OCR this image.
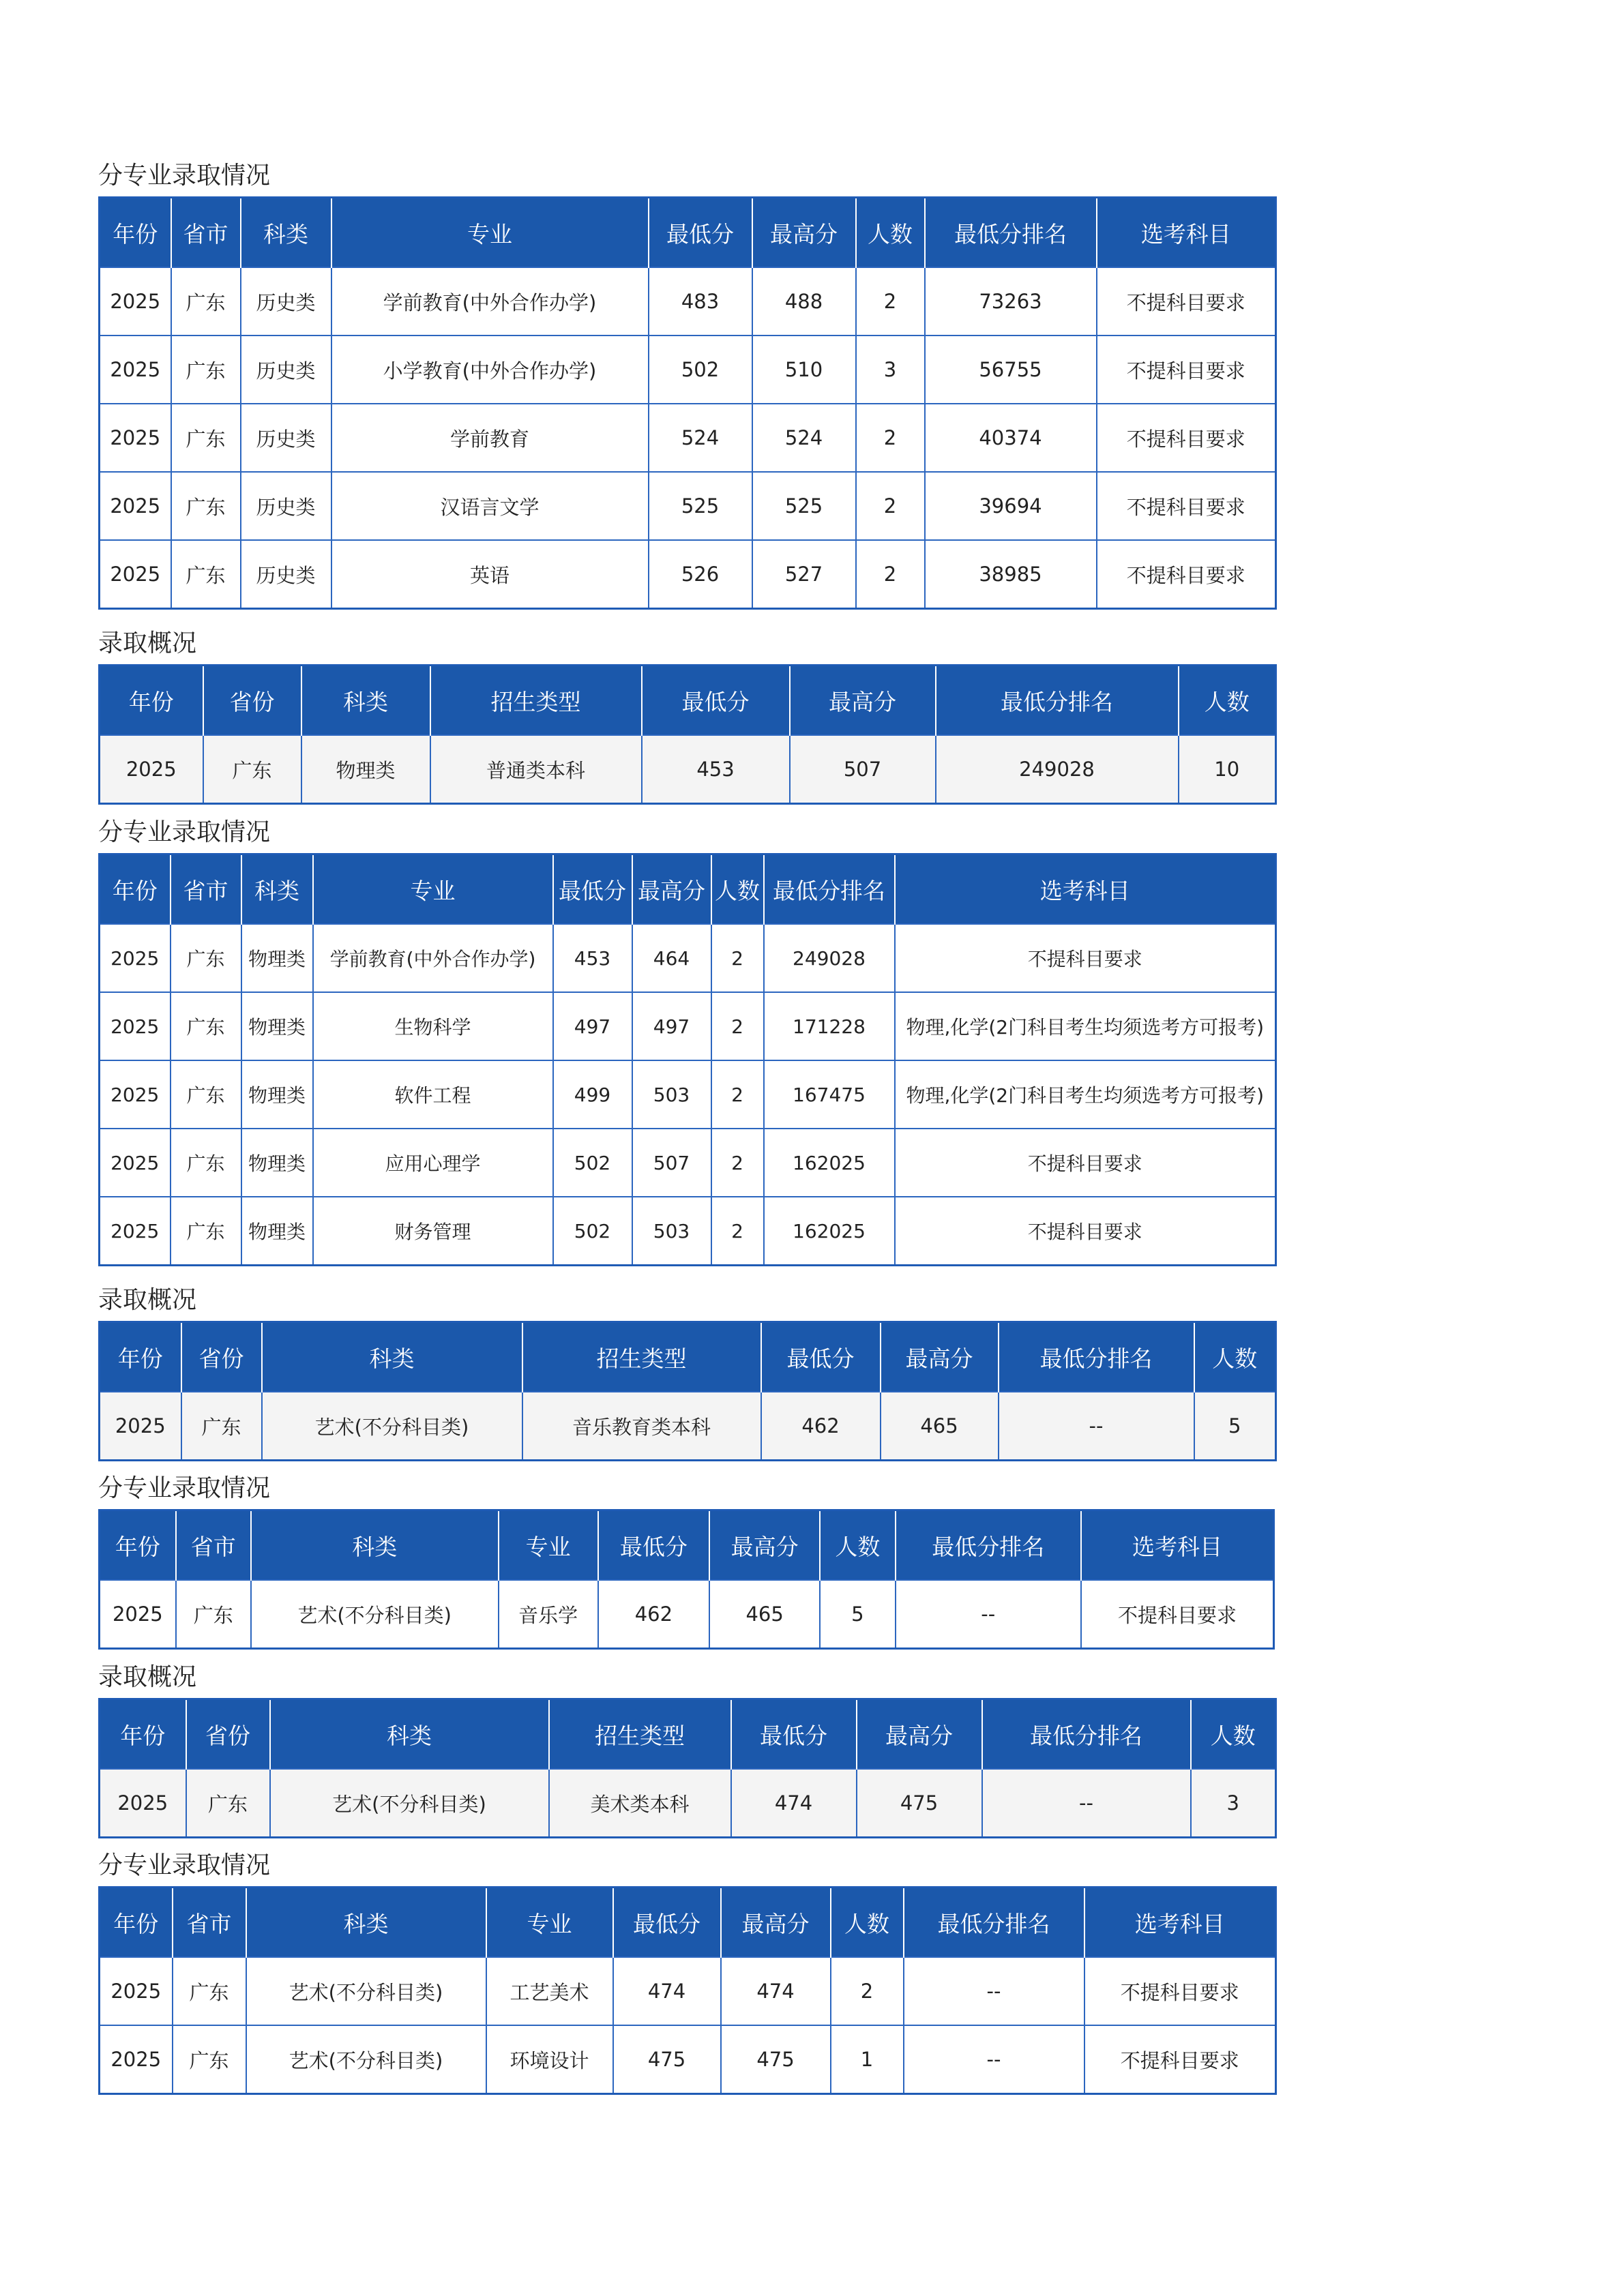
分专业录取情况
年份	省市	科类	专业	最低分	最高分	人数	最低分排名	选考科目
2025	广东	历史类	学前教育(中外合作办学)	483	488	2	73263	不提科目要求
2025	广东	历史类	小学教育(中外合作办学)	502	510	3	56755	不提科目要求
2025	广东	历史类	学前教育	524	524	2	40374	不提科目要求
2025	广东	历史类	汉语言文学	525	525	2	39694	不提科目要求
2025	广东	历史类	英语	526	527	2	38985	不提科目要求
录取概况
年份	省份	科类	招生类型	最低分	最高分	最低分排名	人数
2025	广东	物理类	普通类本科	453	507	249028	10
分专业录取情况
年份	省市	科类	专业	最低分	最高分	人数	最低分排名	选考科目
2025	广东	物理类	学前教育(中外合作办学)	453	464	2	249028	不提科目要求
2025	广东	物理类	生物科学	497	497	2	171228	物理,化学(2门科目考生均须选考方可报考)
2025	广东	物理类	软件工程	499	503	2	167475	物理,化学(2门科目考生均须选考方可报考)
2025	广东	物理类	应用心理学	502	507	2	162025	不提科目要求
2025	广东	物理类	财务管理	502	503	2	162025	不提科目要求
录取概况
年份	省份	科类	招生类型	最低分	最高分	最低分排名	人数
2025	广东	艺术(不分科目类)	音乐教育类本科	462	465	--	5
分专业录取情况
年份	省市	科类	专业	最低分	最高分	人数	最低分排名	选考科目
2025	广东	艺术(不分科目类)	音乐学	462	465	5	--	不提科目要求
录取概况
年份	省份	科类	招生类型	最低分	最高分	最低分排名	人数
2025	广东	艺术(不分科目类)	美术类本科	474	475	--	3
分专业录取情况
年份	省市	科类	专业	最低分	最高分	人数	最低分排名	选考科目
2025	广东	艺术(不分科目类)	工艺美术	474	474	2	--	不提科目要求
2025	广东	艺术(不分科目类)	环境设计	475	475	1	--	不提科目要求
